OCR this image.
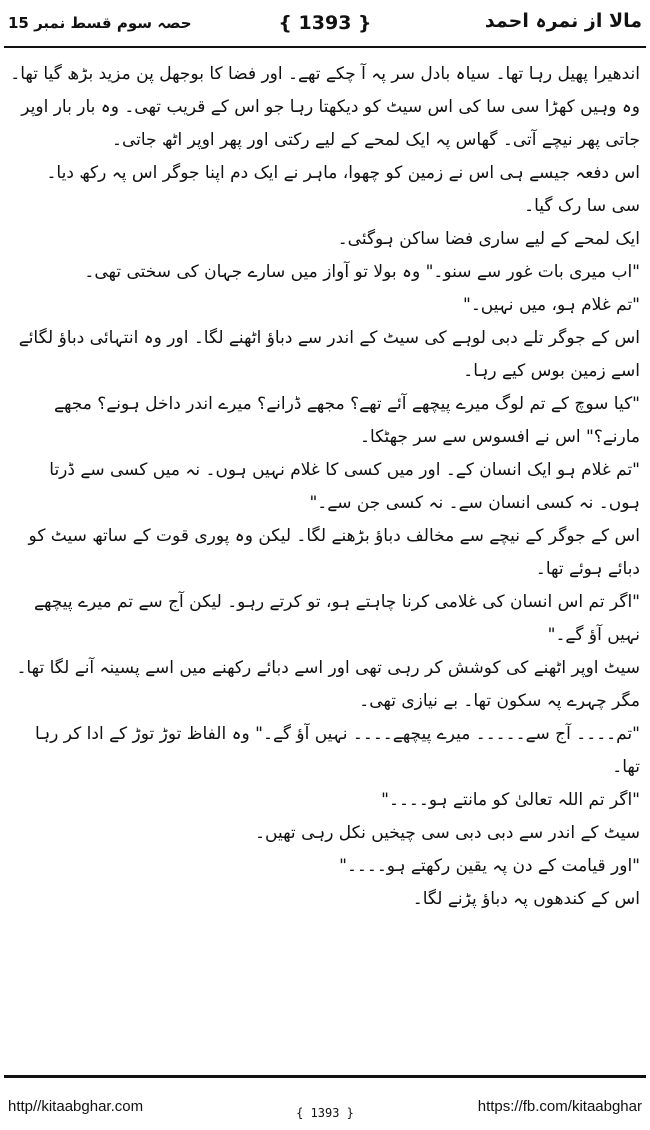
حصہ سوم قسط نمبر 15	{ 1393 }	مالا از نمرہ احمد

اندھیرا پھیل رہا تھا۔ سیاہ بادل سر پہ آ چکے تھے۔ اور فضا کا بوجھل پن مزید بڑھ گیا تھا۔

وہ وہیں کھڑا سی سا کی اس سیٹ کو دیکھتا رہا جو اس کے قریب تھی۔ وہ بار بار اوپر جاتی پھر نیچے آتی۔ گھاس پہ ایک لمحے کے لیے رکتی اور پھر اوپر اٹھ جاتی۔

اس دفعہ جیسے ہی اس نے زمین کو چھوا، ماہر نے ایک دم اپنا جوگر اس پہ رکھ دیا۔

سی سا رک گیا۔

ایک لمحے کے لیے ساری فضا ساکن ہوگئی۔

"اب میری بات غور سے سنو۔" وہ بولا تو آواز میں سارے جہان کی سختی تھی۔

"تم غلام ہو، میں نہیں۔"

اس کے جوگر تلے دبی لوہے کی سیٹ کے اندر سے دباؤ اٹھنے لگا۔ اور وہ انتہائی دباؤ لگائے اسے زمین بوس کیے رہا۔

"کیا سوچ کے تم لوگ میرے پیچھے آئے تھے؟ مجھے ڈرانے؟ میرے اندر داخل ہونے؟ مجھے مارنے؟" اس نے افسوس سے سر جھٹکا۔

"تم غلام ہو ایک انسان کے۔ اور میں کسی کا غلام نہیں ہوں۔ نہ میں کسی سے ڈرتا ہوں۔ نہ کسی انسان سے۔ نہ کسی جن سے۔"

اس کے جوگر کے نیچے سے مخالف دباؤ بڑھنے لگا۔ لیکن وہ پوری قوت کے ساتھ سیٹ کو دبائے ہوئے تھا۔

"اگر تم اس انسان کی غلامی کرنا چاہتے ہو، تو کرتے رہو۔ لیکن آج سے تم میرے پیچھے نہیں آؤ گے۔"

سیٹ اوپر اٹھنے کی کوشش کر رہی تھی اور اسے دبائے رکھنے میں اسے پسینہ آنے لگا تھا۔ مگر چہرے پہ سکون تھا۔ بے نیازی تھی۔

"تم۔۔۔۔ آج سے۔۔۔۔۔ میرے پیچھے۔۔۔۔ نہیں آؤ گے۔" وہ الفاظ توڑ توڑ کے ادا کر رہا تھا۔

"اگر تم اللہ تعالیٰ کو مانتے ہو۔۔۔۔"

سیٹ کے اندر سے دبی دبی سی چیخیں نکل رہی تھیں۔

"اور قیامت کے دن پہ یقین رکھتے ہو۔۔۔۔"

اس کے کندھوں پہ دباؤ پڑنے لگا۔

http//kitaabghar.com	{ 1393 }	https://fb.com/kitaabghar
